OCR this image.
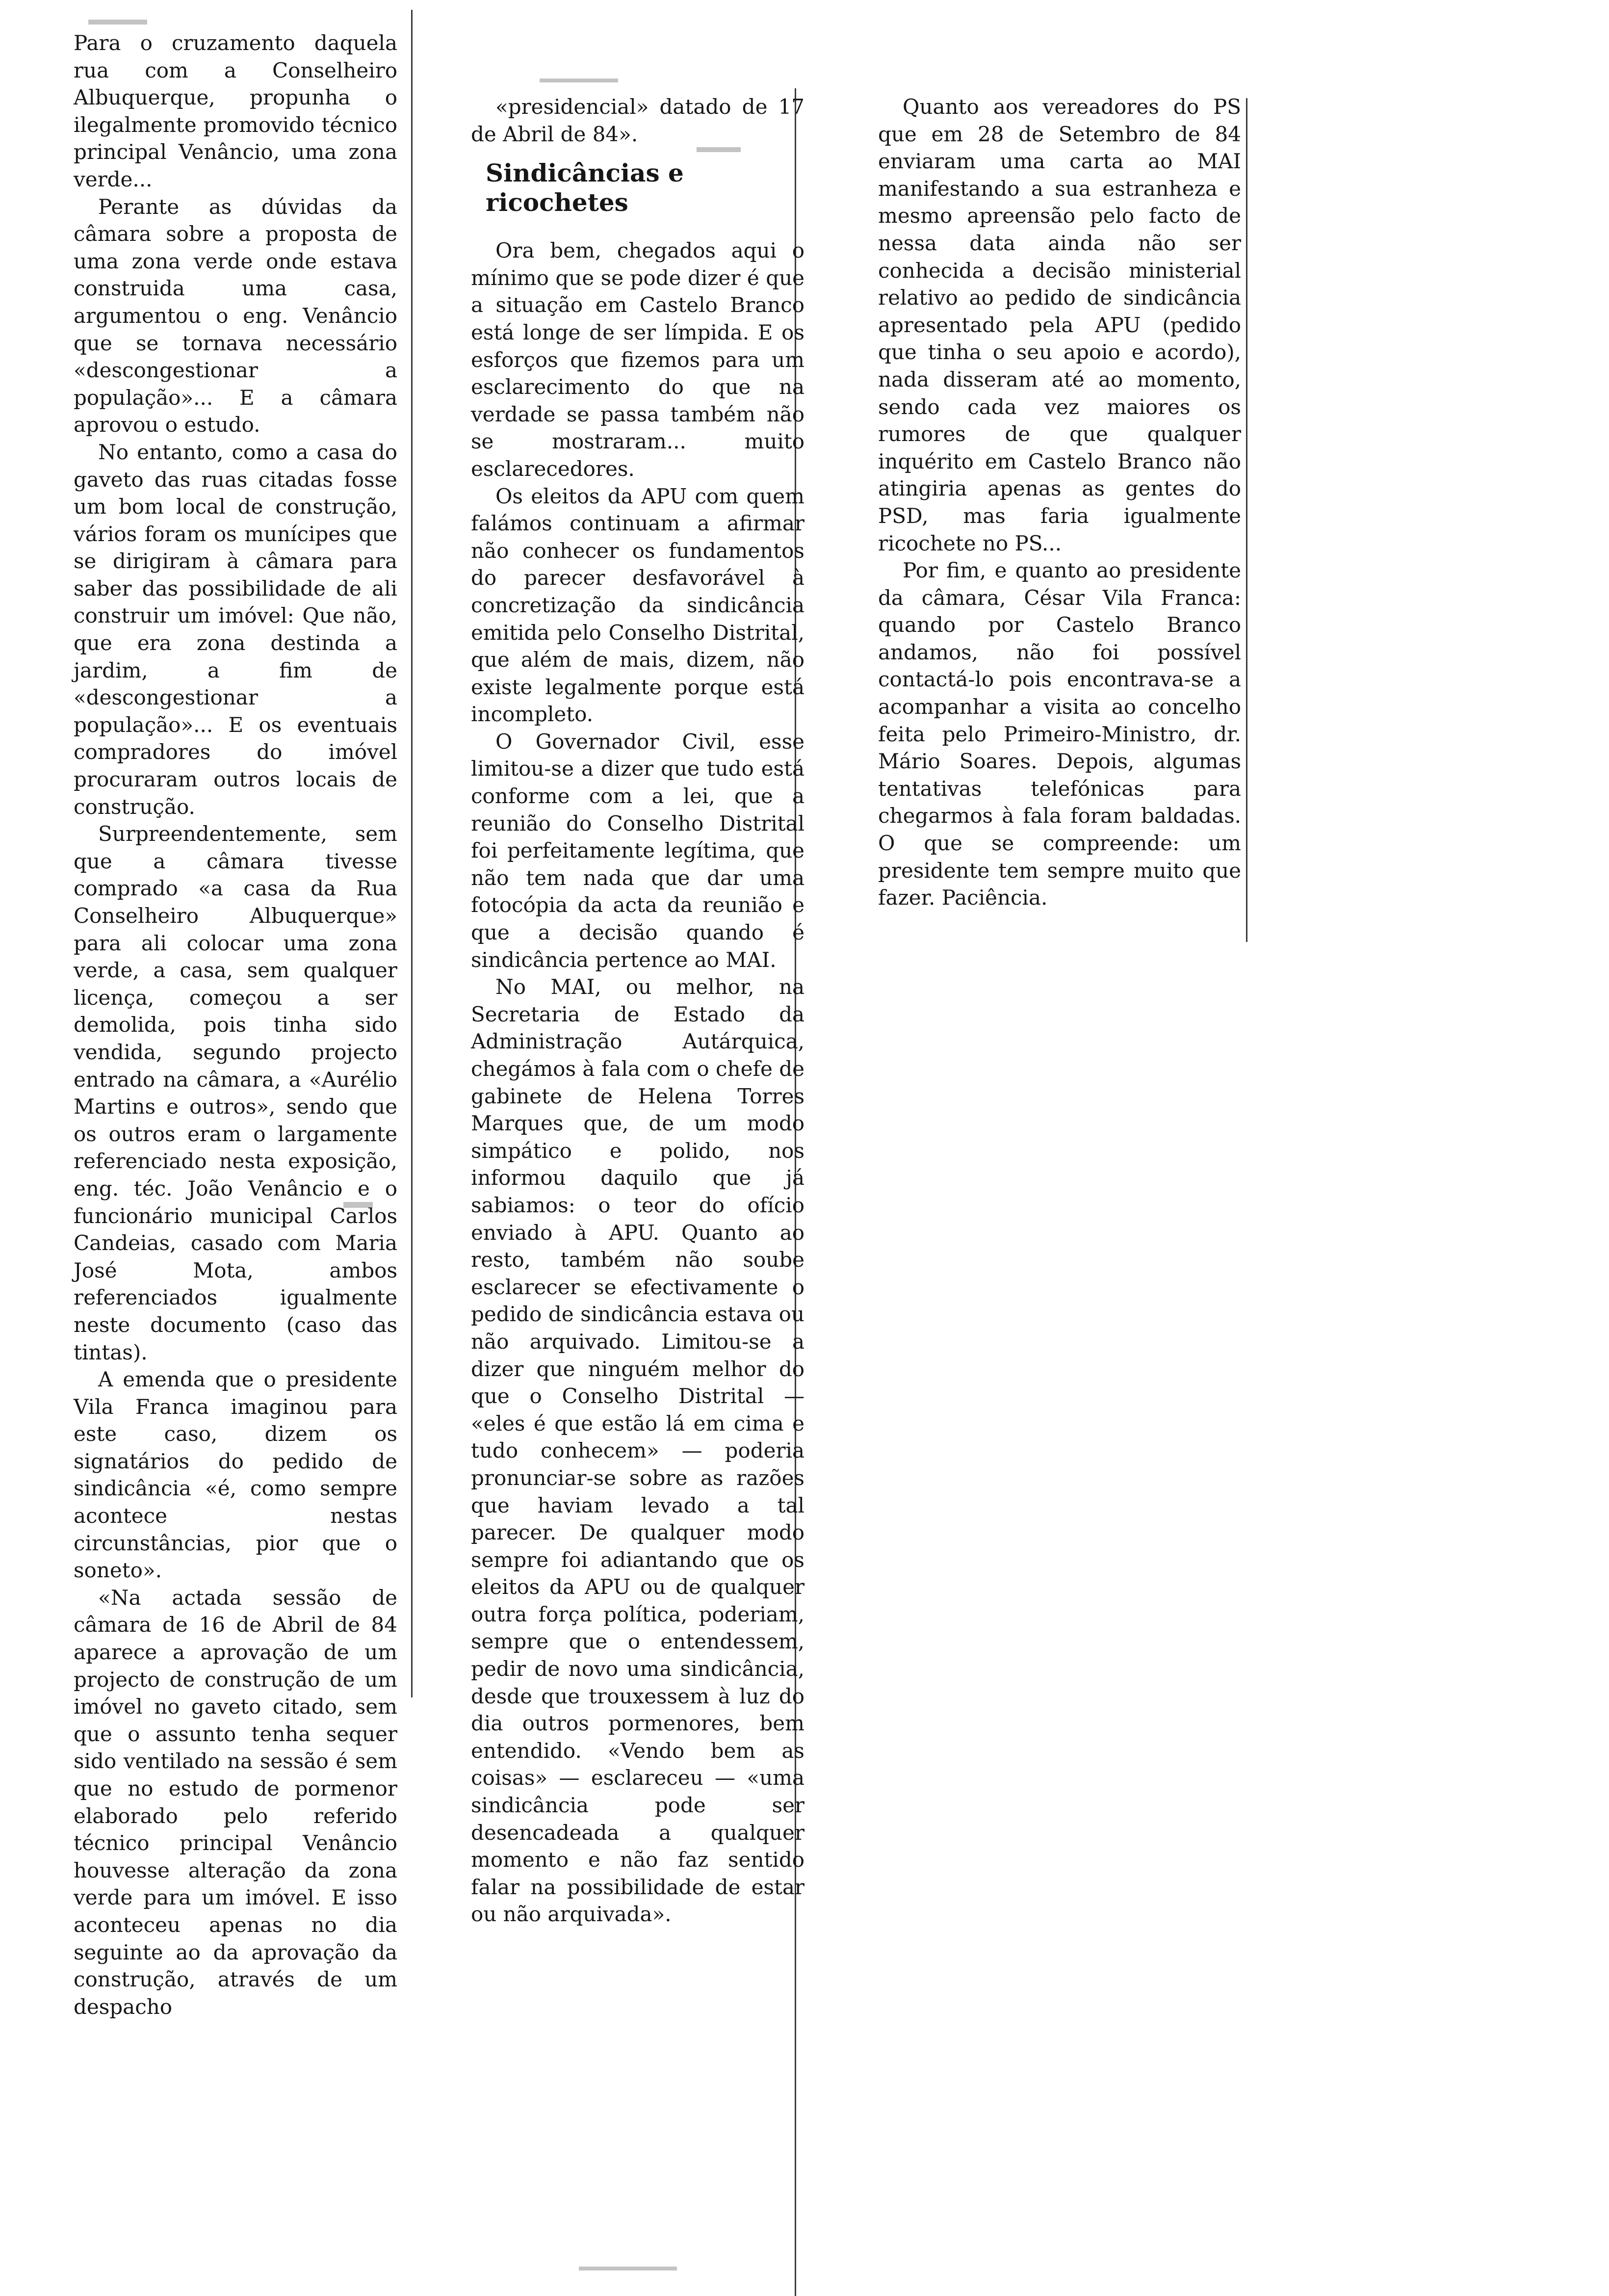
Para o cruzamento daquela rua com a Conselheiro Albuquerque, propunha o ilegalmente promovido técnico principal Venâncio, uma zona verde...

Perante as dúvidas da câmara sobre a proposta de uma zona verde onde estava construida uma casa, argumentou o eng. Venâncio que se tornava necessário «descongestionar a população»... E a câmara aprovou o estudo.

No entanto, como a casa do gaveto das ruas citadas fosse um bom local de construção, vários foram os munícipes que se dirigiram à câmara para saber das possibilidade de ali construir um imóvel: Que não, que era zona destinda a jardim, a fim de «descongestionar a população»... E os eventuais compradores do imóvel procuraram outros locais de construção.

Surpreendentemente, sem que a câmara tivesse comprado «a casa da Rua Conselheiro Albuquerque» para ali colocar uma zona verde, a casa, sem qualquer licença, começou a ser demolida, pois tinha sido vendida, segundo projecto entrado na câmara, a «Aurélio Martins e outros», sendo que os outros eram o largamente referenciado nesta exposição, eng. téc. João Venâncio e o funcionário municipal Carlos Candeias, casado com Maria José Mota, ambos referenciados igualmente neste documento (caso das tintas).

A emenda que o presidente Vila Franca imaginou para este caso, dizem os signatários do pedido de sindicância «é, como sempre acontece nestas circunstâncias, pior que o soneto».

«Na actada sessão de câmara de 16 de Abril de 84 aparece a aprovação de um projecto de construção de um imóvel no gaveto citado, sem que o assunto tenha sequer sido ventilado na sessão é sem que no estudo de pormenor elaborado pelo referido técnico principal Venâncio houvesse alteração da zona verde para um imóvel. E isso aconteceu apenas no dia seguinte ao da aprovação da construção, através de um despacho

«presidencial» datado de 17 de Abril de 84».

Sindicâncias e ricochetes

Ora bem, chegados aqui o mínimo que se pode dizer é que a situação em Castelo Branco está longe de ser límpida. E os esforços que fizemos para um esclarecimento do que na verdade se passa também não se mostraram... muito esclarecedores.

Os eleitos da APU com quem falámos continuam a afirmar não conhecer os fundamentos do parecer desfavorável à concretização da sindicância emitida pelo Conselho Distrital, que além de mais, dizem, não existe legalmente porque está incompleto.

O Governador Civil, esse limitou-se a dizer que tudo está conforme com a lei, que a reunião do Conselho Distrital foi perfeitamente legítima, que não tem nada que dar uma fotocópia da acta da reunião e que a decisão quando é sindicância pertence ao MAI.

No MAI, ou melhor, na Secretaria de Estado da Administração Autárquica, chegámos à fala com o chefe de gabinete de Helena Torres Marques que, de um modo simpático e polido, nos informou daquilo que já sabiamos: o teor do ofício enviado à APU. Quanto ao resto, também não soube esclarecer se efectivamente o pedido de sindicância estava ou não arquivado. Limitou-se a dizer que ninguém melhor do que o Conselho Distrital — «eles é que estão lá em cima e tudo conhecem» — poderia pronunciar-se sobre as razões que haviam levado a tal parecer. De qualquer modo sempre foi adiantando que os eleitos da APU ou de qualquer outra força política, poderiam, sempre que o entendessem, pedir de novo uma sindicância, desde que trouxessem à luz do dia outros pormenores, bem entendido. «Vendo bem as coisas» — esclareceu — «uma sindicância pode ser desencadeada a qualquer momento e não faz sentido falar na possibilidade de estar ou não arquivada».

Quanto aos vereadores do PS que em 28 de Setembro de 84 enviaram uma carta ao MAI manifestando a sua estranheza e mesmo apreensão pelo facto de nessa data ainda não ser conhecida a decisão ministerial relativo ao pedido de sindicância apresentado pela APU (pedido que tinha o seu apoio e acordo), nada disseram até ao momento, sendo cada vez maiores os rumores de que qualquer inquérito em Castelo Branco não atingiria apenas as gentes do PSD, mas faria igualmente ricochete no PS...

Por fim, e quanto ao presidente da câmara, César Vila Franca: quando por Castelo Branco andamos, não foi possível contactá-lo pois encontrava-se a acompanhar a visita ao concelho feita pelo Primeiro-Ministro, dr. Mário Soares. Depois, algumas tentativas telefónicas para chegarmos à fala foram baldadas. O que se compreende: um presidente tem sempre muito que fazer. Paciência.
